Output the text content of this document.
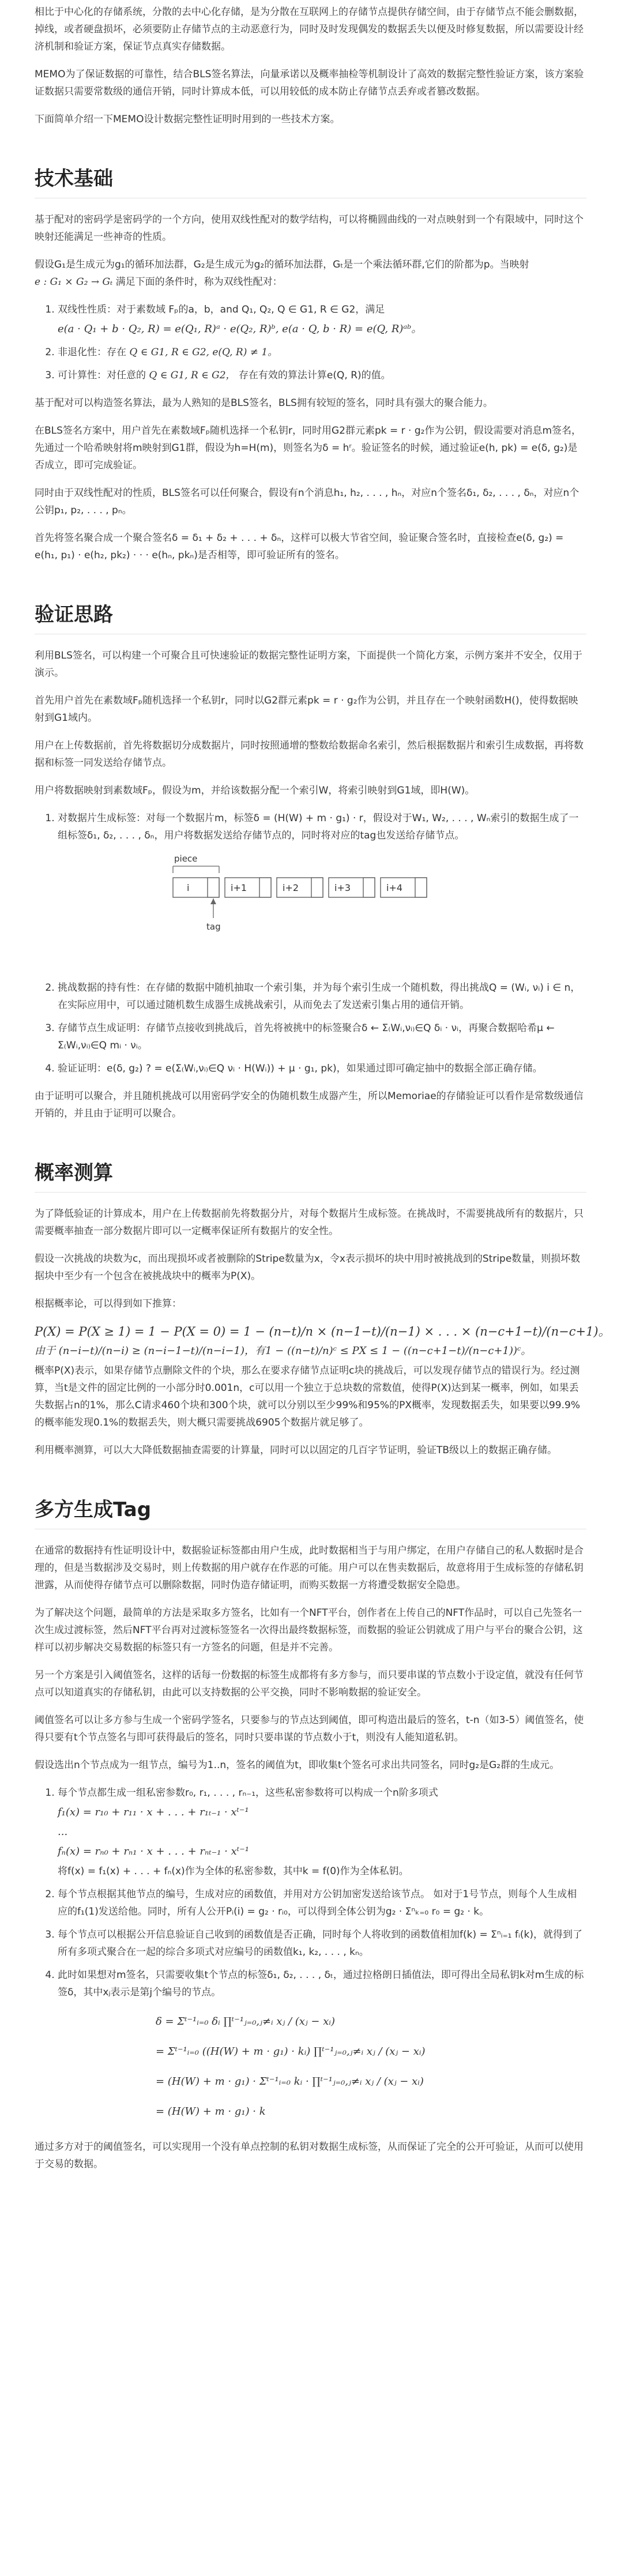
相比于中心化的存储系统，分散的去中心化存储，是为分散在互联网上的存储节点提供存储空间，由于存储节点不能会删数据，掉线，或者硬盘损坏，必须要防止存储节点的主动恶意行为，同时及时发现偶发的数据丢失以便及时修复数据，所以需要设计经济机制和验证方案，保证节点真实存储数据。

MEMO为了保证数据的可靠性，结合BLS签名算法，向量承诺以及概率抽检等机制设计了高效的数据完整性验证方案，该方案验证数据只需要常数级的通信开销，同时计算成本低，可以用较低的成本防止存储节点丢弃或者篡改数据。

下面简单介绍一下MEMO设计数据完整性证明时用到的一些技术方案。

技术基础

基于配对的密码学是密码学的一个方向，使用双线性配对的数学结构，可以将椭圆曲线的一对点映射到一个有限域中，同时这个映射还能满足一些神奇的性质。

假设G₁是生成元为g₁的循环加法群，G₂是生成元为g₂的循环加法群，Gₜ是一个乘法循环群,它们的阶都为p。当映射 e : G₁ × G₂ → Gₜ 满足下面的条件时，称为双线性配对：

1. 双线性性质：对于素数域 Fₚ的a，b，and Q₁, Q₂, Q ∈ G1, R ∈ G2，满足
e(a · Q₁ + b · Q₂, R) = e(Q₁, R)ᵃ · e(Q₂, R)ᵇ, e(a · Q, b · R) = e(Q, R)ᵃᵇ。
2. 非退化性：存在 Q ∈ G1, R ∈ G2, e(Q, R) ≠ 1。
3. 可计算性：对任意的 Q ∈ G1, R ∈ G2， 存在有效的算法计算e(Q, R)的值。

基于配对可以构造签名算法，最为人熟知的是BLS签名，BLS拥有较短的签名，同时具有强大的聚合能力。

在BLS签名方案中，用户首先在素数域Fₚ随机选择一个私钥r，同时用G2群元素pk = r · g₂作为公钥，假设需要对消息m签名，先通过一个哈希映射将m映射到G1群，假设为h=H(m)，则签名为δ = hʳ。验证签名的时候，通过验证e(h, pk) = e(δ, g₂)是否成立，即可完成验证。

同时由于双线性配对的性质，BLS签名可以任何聚合，假设有n个消息h₁, h₂, . . . , hₙ，对应n个签名δ₁, δ₂, . . . , δₙ，对应n个公钥p₁, p₂, . . . , pₙ。

首先将签名聚合成一个聚合签名δ = δ₁ + δ₂ + . . . + δₙ，这样可以极大节省空间，验证聚合签名时，直接检查e(δ, g₂) = e(h₁, p₁) · e(h₂, pk₂) · · · e(hₙ, pkₙ)是否相等，即可验证所有的签名。

验证思路

利用BLS签名，可以构建一个可聚合且可快速验证的数据完整性证明方案，下面提供一个简化方案，示例方案并不安全，仅用于演示。

首先用户首先在素数域Fₚ随机选择一个私钥r，同时以G2群元素pk = r · g₂作为公钥，并且存在一个映射函数H()，使得数据映射到G1域内。

用户在上传数据前，首先将数据切分成数据片，同时按照通增的整数给数据命名索引，然后根据数据片和索引生成数据，再将数据和标签一同发送给存储节点。

用户将数据映射到素数域Fₚ，假设为m，并给该数据分配一个索引W，将索引映射到G1域，即H(W)。

1. 对数据片生成标签：对每一个数据片m，标签δ = (H(W) + m · g₁) · r，假设对于W₁, W₂, . . . , Wₙ索引的数据生成了一组标签δ₁, δ₂, . . . , δₙ，用户将数据发送给存储节点的，同时将对应的tag也发送给存储节点。
piece
i	i+1	i+2	i+3	i+4
tag
2. 挑战数据的持有性：在存储的数据中随机抽取一个索引集，并为每个索引生成一个随机数，得出挑战Q = (Wᵢ, νᵢ) i ∈ n，在实际应用中，可以通过随机数生成器生成挑战索引，从而免去了发送索引集占用的通信开销。
3. 存储节点生成证明：存储节点接收到挑战后，首先将被挑中的标签聚合δ ← Σ₍Wᵢ,νᵢ₎∈Q δᵢ · νᵢ，再聚合数据哈希μ ← Σ₍Wᵢ,νᵢ₎∈Q mᵢ · νᵢ。
4. 验证证明：e(δ, g₂) ? = e(Σ₍Wᵢ,νᵢ₎∈Q νᵢ · H(Wᵢ)) + μ · g₁, pk)，如果通过即可确定抽中的数据全部正确存储。

由于证明可以聚合，并且随机挑战可以用密码学安全的伪随机数生成器产生，所以Memoriae的存储验证可以看作是常数级通信开销的，并且由于证明可以聚合。

概率测算

为了降低验证的计算成本，用户在上传数据前先将数据分片，对每个数据片生成标签。在挑战时，不需要挑战所有的数据片，只需要概率抽查一部分数据片即可以一定概率保证所有数据片的安全性。

假设一次挑战的块数为c，而出现损坏或者被删除的Stripe数量为x，令x表示损坏的块中用时被挑战到的Stripe数量，则损坏数据块中至少有一个包含在被挑战块中的概率为P(X)。

根据概率论，可以得到如下推算：

P(X) = P(X ≥ 1) = 1 − P(X = 0) = 1 − (n−t)/n × (n−1−t)/(n−1) × . . . × (n−c+1−t)/(n−c+1)。
由于 (n−i−t)/(n−i) ≥ (n−i−1−t)/(n−i−1)，有1 − ((n−t)/n)ᶜ ≤ PX ≤ 1 − ((n−c+1−t)/(n−c+1))ᶜ。

概率P(X)表示，如果存储节点删除文件的个块，那么在要求存储节点证明c块的挑战后，可以发现存储节点的错误行为。经过测算，当t是文件的固定比例的一小部分时0.001n，c可以用一个独立于总块数的常数值，使得P(X)达到某一概率，例如，如果丢失数据占n的1%，那么C请求460个块和300个块，就可以分别以至少99%和95%的PX概率，发现数据丢失，如果要以99.9%的概率能发现0.1%的数据丢失，则大概只需要挑战6905个数据片就足够了。

利用概率测算，可以大大降低数据抽查需要的计算量，同时可以以固定的几百字节证明，验证TB级以上的数据正确存储。

多方生成Tag

在通常的数据持有性证明设计中，数据验证标签都由用户生成，此时数据相当于与用户绑定，在用户存储自己的私人数据时是合理的，但是当数据涉及交易时，则上传数据的用户就存在作恶的可能。用户可以在售卖数据后，故意将用于生成标签的存储私钥泄露，从而使得存储节点可以删除数据，同时伪造存储证明，而购买数据一方将遭受数据安全隐患。

为了解决这个问题，最简单的方法是采取多方签名，比如有一个NFT平台，创作者在上传自己的NFT作品时，可以自己先签名一次生成过渡标签，然后NFT平台再对过渡标签签名一次得出最终数据标签，而数据的验证公钥就成了用户与平台的聚合公钥，这样可以初步解决交易数据的标签只有一方签名的问题，但是并不完善。

另一个方案是引入阈值签名，这样的话每一份数据的标签生成都将有多方参与，而只要串谋的节点数小于设定值，就没有任何节点可以知道真实的存储私钥，由此可以支持数据的公平交换，同时不影响数据的验证安全。

阈值签名可以让多方参与生成一个密码学签名，只要参与的节点达到阈值，即可构造出最后的签名，t-n（如3-5）阈值签名，使得只要有t个节点签名与即可获得最后的签名，同时只要串谋的节点数小于t，则没有人能知道私钥。

假设选出n个节点成为一组节点，编号为1..n，签名的阈值为t，即收集t个签名可求出共同签名，同时g₂是G₂群的生成元。

1. 每个节点都生成一组私密参数r₀, r₁, . . . , rₙ₋₁，这些私密参数将可以构成一个n阶多项式
f₁(x) = r₁₀ + r₁₁ · x + . . . + r₁ₜ₋₁ · xᵗ⁻¹
...
fₙ(x) = rₙ₀ + rₙ₁ · x + . . . + rₙₜ₋₁ · xᵗ⁻¹
将f(x) = f₁(x) + . . . + fₙ(x)作为全体的私密参数，其中k = f(0)作为全体私钥。
2. 每个节点根据其他节点的编号，生成对应的函数值，并用对方公钥加密发送给该节点。 如对于1号节点，则每个人生成相应的f₁(1)发送给他。同时，所有人公开Pᵢ(i) = g₂ · rᵢ₀，可以得到全体公钥为g₂ · Σⁿₖ₌₀ r₀ = g₂ · k。
3. 每个节点可以根据公开信息验证自己收到的函数值是否正确，同时每个人将收到的函数值相加f(k) = Σⁿᵢ₌₁ fᵢ(k)，就得到了所有多项式聚合在一起的综合多项式对应编号的函数值k₁, k₂, . . . , kₙ。
4. 此时如果想对m签名，只需要收集t个节点的标签δ₁, δ₂, . . . , δₜ，通过拉格朗日插值法，即可得出全局私钥k对m生成的标签δ，其中xⱼ表示是第j个编号的节点。
δ = Σᵗ⁻¹ᵢ₌₀ δᵢ ∏ᵗ⁻¹ⱼ₌₀,ⱼ≠ᵢ xⱼ / (xⱼ − xᵢ)
= Σᵗ⁻¹ᵢ₌₀ ((H(W) + m · g₁) · kᵢ) ∏ᵗ⁻¹ⱼ₌₀,ⱼ≠ᵢ xⱼ / (xⱼ − xᵢ)
= (H(W) + m · g₁) · Σᵗ⁻¹ᵢ₌₀ kᵢ · ∏ᵗ⁻¹ⱼ₌₀,ⱼ≠ᵢ xⱼ / (xⱼ − xᵢ)
= (H(W) + m · g₁) · k

通过多方对于的阈值签名，可以实现用一个没有单点控制的私钥对数据生成标签，从而保证了完全的公开可验证，从而可以使用于交易的数据。
